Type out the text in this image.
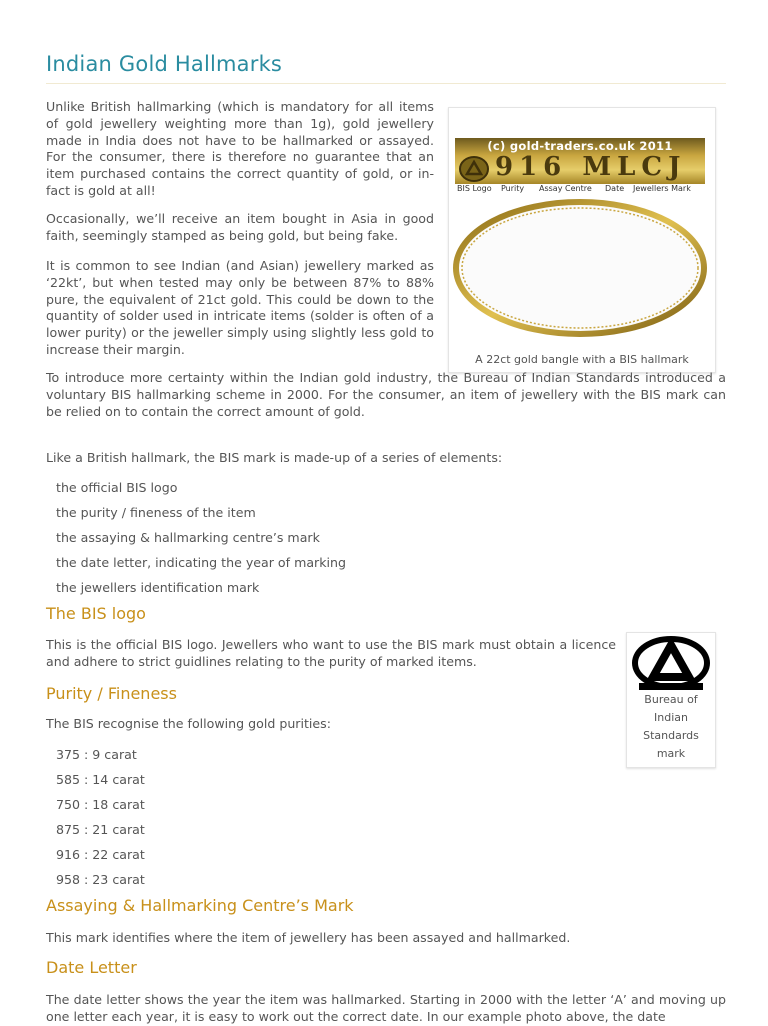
Indian Gold Hallmarks
(c) gold-traders.co.uk 2011
916 MLCJ
BIS Logo Purity Assay Centre Date Jewellers Mark
A 22ct gold bangle with a BIS hallmark

Unlike British hallmarking (which is mandatory for all items of gold jewellery weighting more than 1g), gold jewellery made in India does not have to be hallmarked or assayed. For the consumer, there is therefore no guarantee that an item purchased contains the correct quantity of gold, or in-fact is gold at all!

Occasionally, we’ll receive an item bought in Asia in good faith, seemingly stamped as being gold, but being fake.

It is common to see Indian (and Asian) jewellery marked as ‘22kt’, but when tested may only be between 87% to 88% pure, the equivalent of 21ct gold. This could be down to the quantity of solder used in intricate items (solder is often of a lower purity) or the jeweller simply using slightly less gold to increase their margin.

To introduce more certainty within the Indian gold industry, the Bureau of Indian Standards introduced a voluntary BIS hallmarking scheme in 2000. For the consumer, an item of jewellery with the BIS mark can be relied on to contain the correct amount of gold.

Like a British hallmark, the BIS mark is made-up of a series of elements:

the official BIS logo
the purity / fineness of the item
the assaying & hallmarking centre’s mark
the date letter, indicating the year of marking
the jewellers identification mark
The BIS logo

This is the official BIS logo. Jewellers who want to use the BIS mark must obtain a licence and adhere to strict guidlines relating to the purity of marked items.

Bureau of
Indian
Standards
mark
Purity / Fineness

The BIS recognise the following gold purities:

375 : 9 carat
585 : 14 carat
750 : 18 carat
875 : 21 carat
916 : 22 carat
958 : 23 carat
Assaying & Hallmarking Centre’s Mark

This mark identifies where the item of jewellery has been assayed and hallmarked.

Date Letter

The date letter shows the year the item was hallmarked. Starting in 2000 with the letter ‘A’ and moving up one letter each year, it is easy to work out the correct date. In our example photo above, the date
